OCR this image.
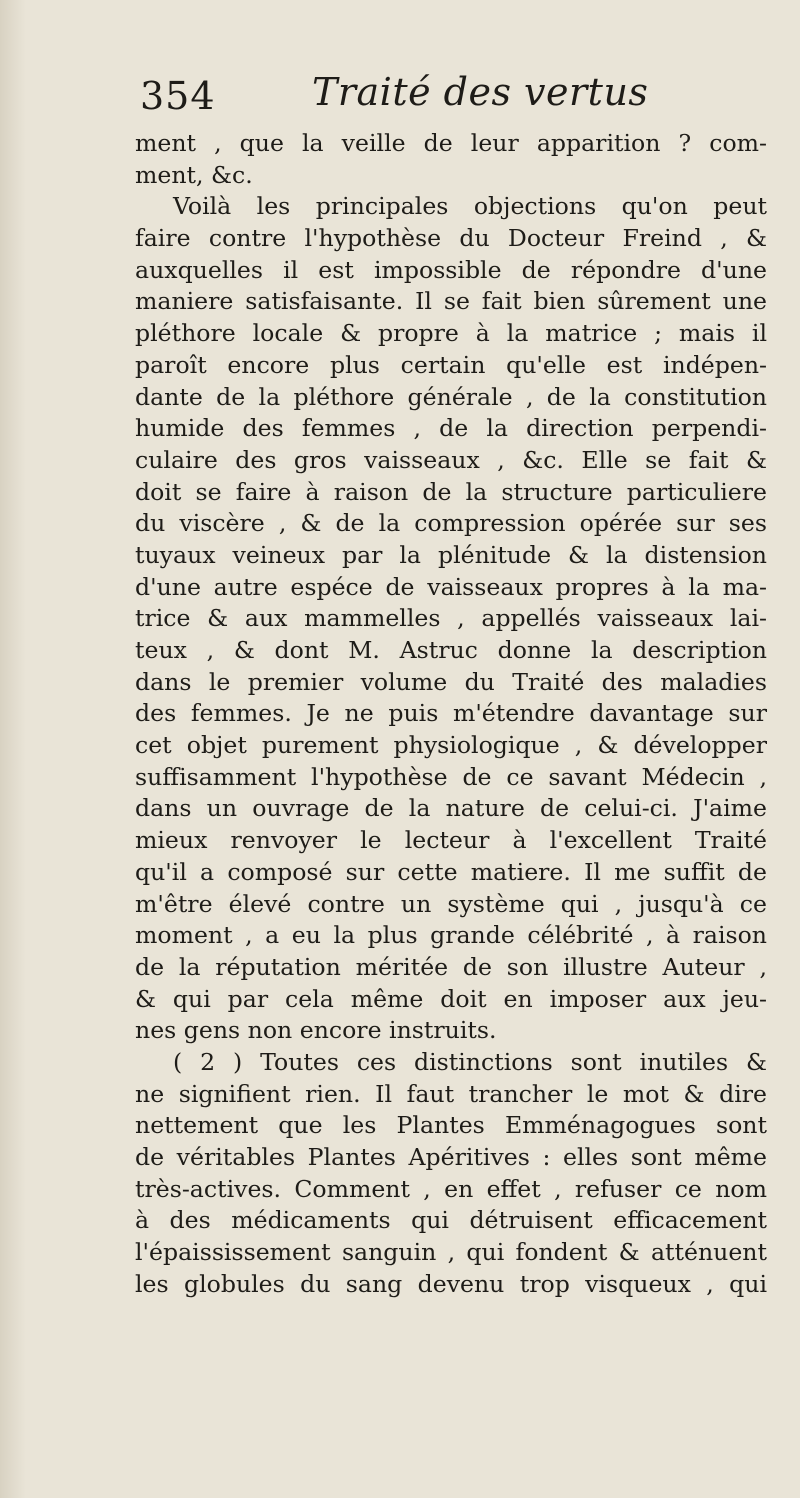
354	Traité des vertus
ment , que la veille de leur apparition ? com-
ment, &c.
Voilà les principales objections qu'on peut
faire contre l'hypothèse du Docteur Freind , &
auxquelles il est impossible de répondre d'une
maniere satisfaisante. Il se fait bien sûrement une
pléthore locale & propre à la matrice ; mais il
paroît encore plus certain qu'elle est indépen-
dante de la pléthore générale , de la constitution
humide des femmes , de la direction perpendi-
culaire des gros vaisseaux , &c. Elle se fait &
doit se faire à raison de la structure particuliere
du viscère , & de la compression opérée sur ses
tuyaux veineux par la plénitude & la distension
d'une autre espéce de vaisseaux propres à la ma-
trice & aux mammelles , appellés vaisseaux lai-
teux , & dont M. Astruc donne la description
dans le premier volume du Traité des maladies
des femmes. Je ne puis m'étendre davantage sur
cet objet purement physiologique , & développer
suffisamment l'hypothèse de ce savant Médecin ,
dans un ouvrage de la nature de celui-ci. J'aime
mieux renvoyer le lecteur à l'excellent Traité
qu'il a composé sur cette matiere. Il me suffit de
m'être élevé contre un système qui , jusqu'à ce
moment , a eu la plus grande célébrité , à raison
de la réputation méritée de son illustre Auteur ,
& qui par cela même doit en imposer aux jeu-
nes gens non encore instruits.
( 2 ) Toutes ces distinctions sont inutiles &
ne signifient rien. Il faut trancher le mot & dire
nettement que les Plantes Emménagogues sont
de véritables Plantes Apéritives : elles sont même
très-actives. Comment , en effet , refuser ce nom
à des médicaments qui détruisent efficacement
l'épaississement sanguin , qui fondent & atténuent
les globules du sang devenu trop visqueux , qui
